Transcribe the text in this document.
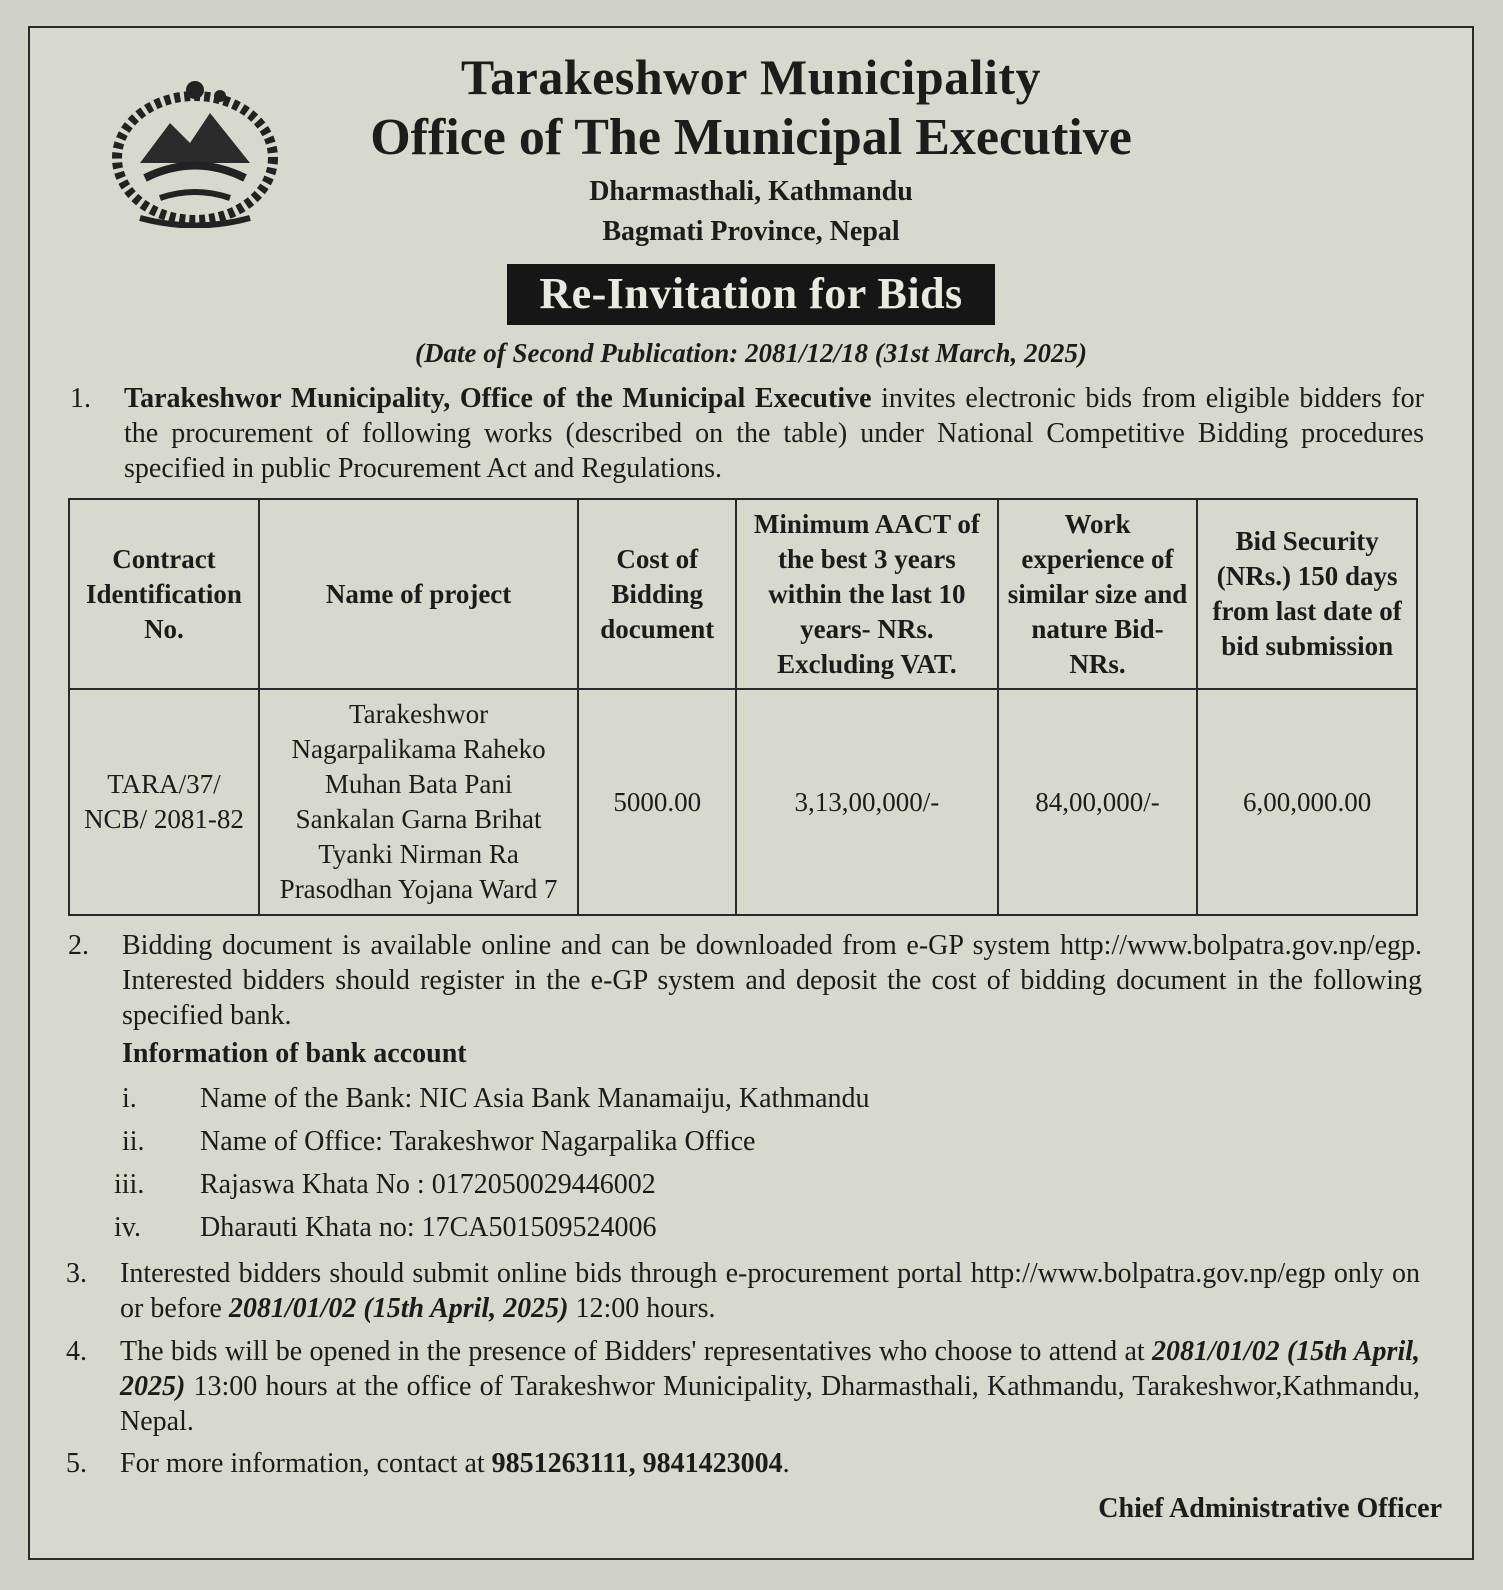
Tarakeshwor Municipality
Office of The Municipal Executive
Dharmasthali, Kathmandu
Bagmati Province, Nepal
Re-Invitation for Bids
(Date of Second Publication: 2081/12/18 (31st March, 2025)
1. Tarakeshwor Municipality, Office of the Municipal Executive invites electronic bids from eligible bidders for the procurement of following works (described on the table) under National Competitive Bidding procedures specified in public Procurement Act and Regulations.
Contract Identification No.	Name of project	Cost of Bidding document	Minimum AACT of the best 3 years within the last 10 years- NRs. Excluding VAT.	Work experience of similar size and nature Bid-NRs.	Bid Security (NRs.) 150 days from last date of bid submission
TARA/37/ NCB/ 2081-82	Tarakeshwor Nagarpalikama Raheko Muhan Bata Pani Sankalan Garna Brihat Tyanki Nirman Ra Prasodhan Yojana Ward 7	5000.00	3,13,00,000/-	84,00,000/-	6,00,000.00
2. Bidding document is available online and can be downloaded from e-GP system http://www.bolpatra.gov.np/egp. Interested bidders should register in the e-GP system and deposit the cost of bidding document in the following specified bank.
Information of bank account
i.	Name of the Bank: NIC Asia Bank Manamaiju, Kathmandu
ii.	Name of Office: Tarakeshwor Nagarpalika Office
iii.	Rajaswa Khata No : 0172050029446002
iv.	Dharauti Khata no: 17CA501509524006
3. Interested bidders should submit online bids through e-procurement portal http://www.bolpatra.gov.np/egp only on or before 2081/01/02 (15th April, 2025) 12:00 hours.
4. The bids will be opened in the presence of Bidders' representatives who choose to attend at 2081/01/02 (15th April, 2025) 13:00 hours at the office of Tarakeshwor Municipality, Dharmasthali, Kathmandu, Tarakeshwor,Kathmandu, Nepal.
5. For more information, contact at 9851263111, 9841423004.
Chief Administrative Officer
